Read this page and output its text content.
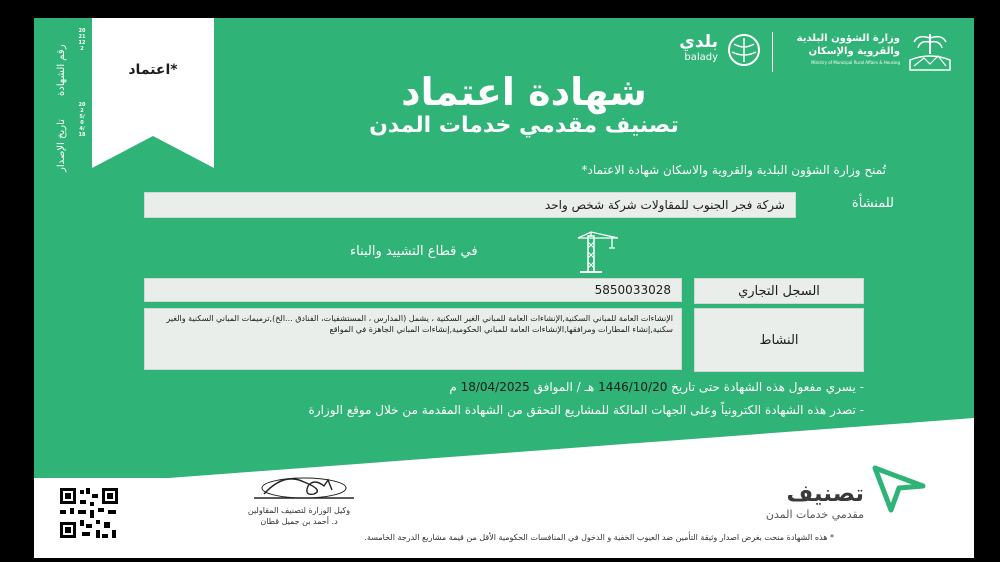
رقم الشهادة
2021122
تاريخ الإصدار
2025/04/18
اعتماد*
وزارة الشؤون البلدية والقروية والإسكان
Ministry of Municipal Rural Affairs & Housing
بلدي
balady
شهادة اعتماد
تصنيف مقدمي خدمات المدن
تُمنح وزارة الشؤون البلدية والقروية والاسكان شهادة الاعتماد*
للمنشأة
شركة فجر الجنوب للمقاولات شركة شخص واحد
في قطاع التشييد والبناء
5850033028	السجل التجاري
الإنشاءات العامة للمباني السكنية,الإنشاءات العامة للمباني الغير السكنية ، يشمل (المدارس ، المستشفيات، الفنادق ...الخ),ترميمات المباني السكنية والغير سكنية,إنشاء المطارات ومرافقها,الإنشاءات العامة للمباني الحكومية,إنشاءات المباني الجاهزة في المواقع
النشاط
- يسري مفعول هذه الشهادة حتى تاريخ 1446/10/20 هـ / الموافق 18/04/2025 م
- تصدر هذه الشهادة الكترونياً وعلى الجهات المالكة للمشاريع التحقق من الشهادة المقدمة من خلال موقع الوزارة
وكيل الوزارة لتصنيف المقاولين
د. أحمد بن جميل قطان
تصنيف
مقدمي خدمات المدن
* هذه الشهادة منحت بغرض اصدار وثيقة التأمين ضد العيوب الخفية و الدخول في المنافسات الحكومية الأقل من قيمة مشاريع الدرجة الخامسة.
